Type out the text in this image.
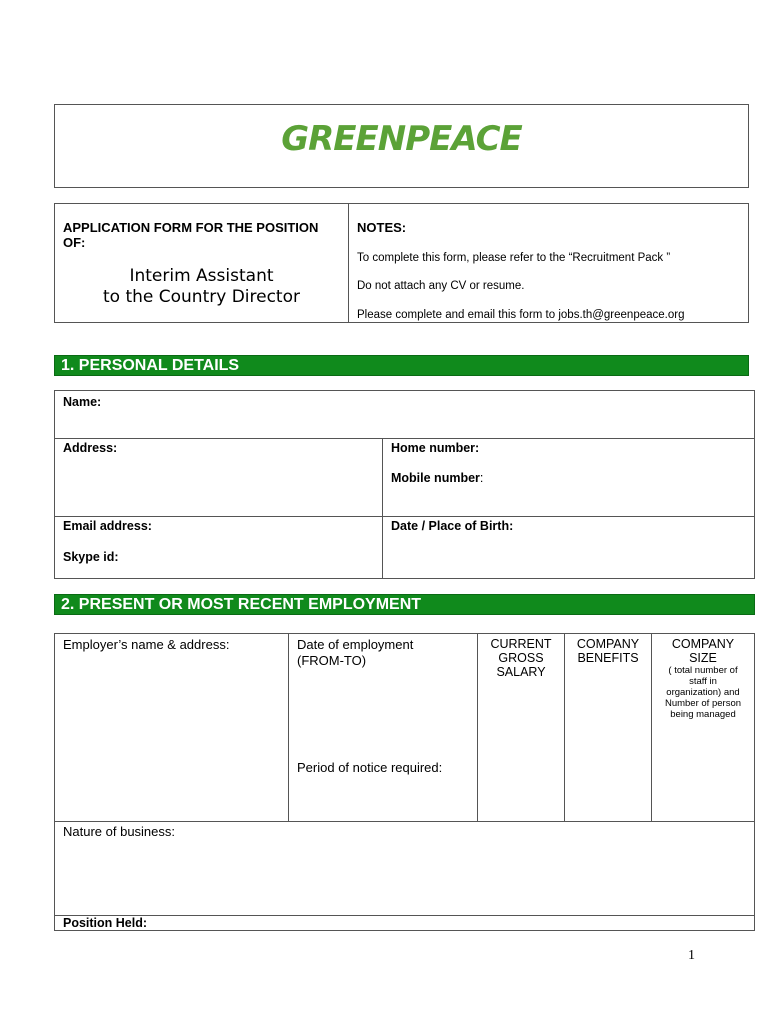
GREENPEACE
APPLICATION FORM FOR THE POSITION OF:
Interim Assistant
to the Country Director
NOTES:
To complete this form, please refer to the “Recruitment Pack ”
Do not attach any CV or resume.
Please complete and email this form to jobs.th@greenpeace.org
1. PERSONAL DETAILS
Name:
Address:	Home number:
Mobile number:
Email address:
Skype id:
Date / Place of Birth:
2. PRESENT OR MOST RECENT EMPLOYMENT
Employer’s name & address:	Date of employment
(FROM-TO)
Period of notice required:
CURRENT
GROSS
SALARY
COMPANY
BENEFITS
COMPANY
SIZE
( total number of
staff in
organization) and
Number of person
being managed
Nature of business:
Position Held:
1
